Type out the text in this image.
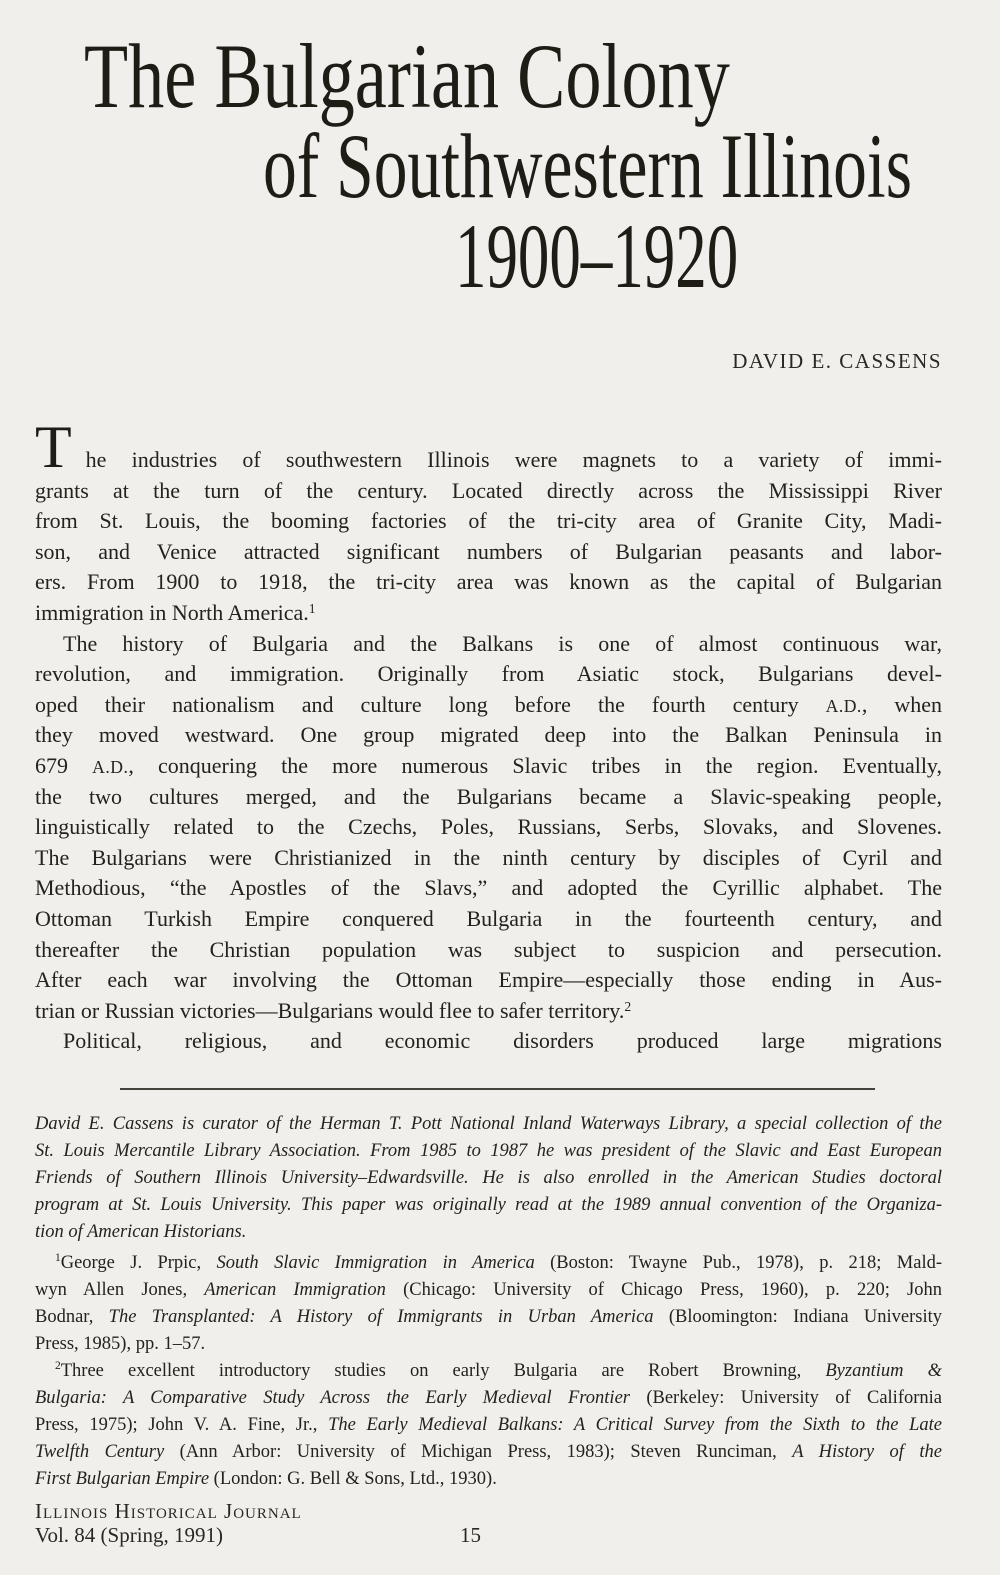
The Bulgarian Colony
of Southwestern Illinois
1900–1920
DAVID E. CASSENS
The industries of southwestern Illinois were magnets to a variety of immi-
grants at the turn of the century. Located directly across the Mississippi River
from St. Louis, the booming factories of the tri-city area of Granite City, Madi-
son, and Venice attracted significant numbers of Bulgarian peasants and labor-
ers. From 1900 to 1918, the tri-city area was known as the capital of Bulgarian
immigration in North America.$^1$
The history of Bulgaria and the Balkans is one of almost continuous war,
revolution, and immigration. Originally from Asiatic stock, Bulgarians devel-
oped their nationalism and culture long before the fourth century A.D., when
they moved westward. One group migrated deep into the Balkan Peninsula in
679 A.D., conquering the more numerous Slavic tribes in the region. Eventually,
the two cultures merged, and the Bulgarians became a Slavic-speaking people,
linguistically related to the Czechs, Poles, Russians, Serbs, Slovaks, and Slovenes.
The Bulgarians were Christianized in the ninth century by disciples of Cyril and
Methodious, “the Apostles of the Slavs,” and adopted the Cyrillic alphabet. The
Ottoman Turkish Empire conquered Bulgaria in the fourteenth century, and
thereafter the Christian population was subject to suspicion and persecution.
After each war involving the Ottoman Empire—especially those ending in Aus-
trian or Russian victories—Bulgarians would flee to safer territory.$^2$
Political, religious, and economic disorders produced large migrations
David E. Cassens is curator of the Herman T. Pott National Inland Waterways Library, a special collection of the
St. Louis Mercantile Library Association. From 1985 to 1987 he was president of the Slavic and East European
Friends of Southern Illinois University–Edwardsville. He is also enrolled in the American Studies doctoral
program at St. Louis University. This paper was originally read at the 1989 annual convention of the Organiza-
tion of American Historians.
$^1$George J. Prpic, South Slavic Immigration in America (Boston: Twayne Pub., 1978), p. 218; Mald-
wyn Allen Jones, American Immigration (Chicago: University of Chicago Press, 1960), p. 220; John
Bodnar, The Transplanted: A History of Immigrants in Urban America (Bloomington: Indiana University
Press, 1985), pp. 1–57.
$^2$Three excellent introductory studies on early Bulgaria are Robert Browning, Byzantium &
Bulgaria: A Comparative Study Across the Early Medieval Frontier (Berkeley: University of California
Press, 1975); John V. A. Fine, Jr., The Early Medieval Balkans: A Critical Survey from the Sixth to the Late
Twelfth Century (Ann Arbor: University of Michigan Press, 1983); Steven Runciman, A History of the
First Bulgarian Empire (London: G. Bell & Sons, Ltd., 1930).
Illinois Historical Journal
Vol. 84 (Spring, 1991)	15
